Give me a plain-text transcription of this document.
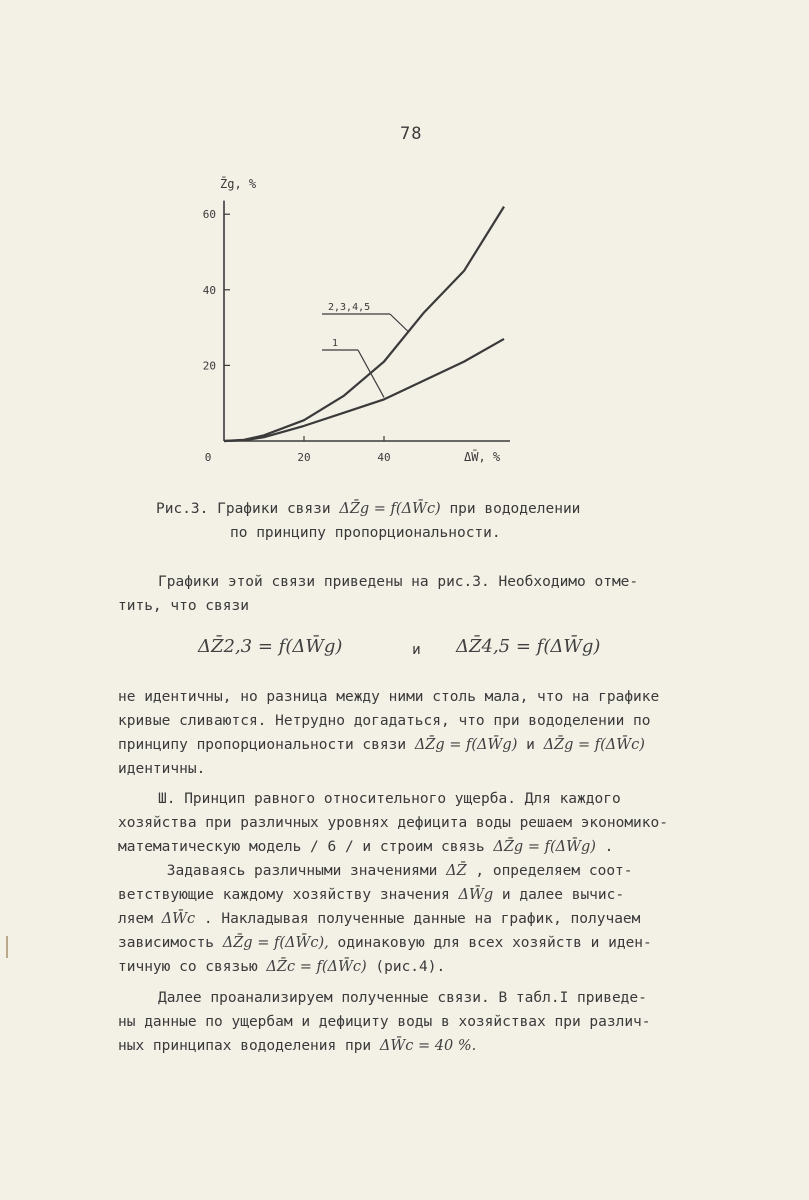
78
20
40
60
0	20	40
2,3,4,5
1
Z̄g, %
ΔW̄, %
Рис.3. Графики связи ΔZ̄g = f(ΔW̄c) при вододелении
по принципу пропорциональности.
Графики этой связи приведены на рис.3. Необходимо отме-
тить, что связи
ΔZ̄2,3 = f(ΔW̄g)	и ΔZ̄4,5 = f(ΔW̄g)
не идентичны, но разница между ними столь мала, что на графике
кривые сливаются. Нетрудно догадаться, что при вододелении по
принципу пропорциональности связи ΔZ̄g = f(ΔW̄g) и ΔZ̄g = f(ΔW̄c)
идентичны.
Ш. Принцип равного относительного ущерба. Для каждого
хозяйства при различных уровнях дефицита воды решаем экономико-
математическую модель / 6 / и строим связь ΔZ̄g = f(ΔW̄g) .
Задаваясь различными значениями ΔZ̄ , определяем соот-
ветствующие каждому хозяйству значения ΔW̄g и далее вычис-
ляем ΔW̄c . Накладывая полученные данные на график, получаем
зависимость ΔZ̄g = f(ΔW̄c), одинаковую для всех хозяйств и иден-
тичную со связью ΔZ̄c = f(ΔW̄c) (рис.4).
Далее проанализируем полученные связи. В табл.I приведе-
ны данные по ущербам и дефициту воды в хозяйствах при различ-
ных принципах вододеления при ΔW̄c = 40 %.
